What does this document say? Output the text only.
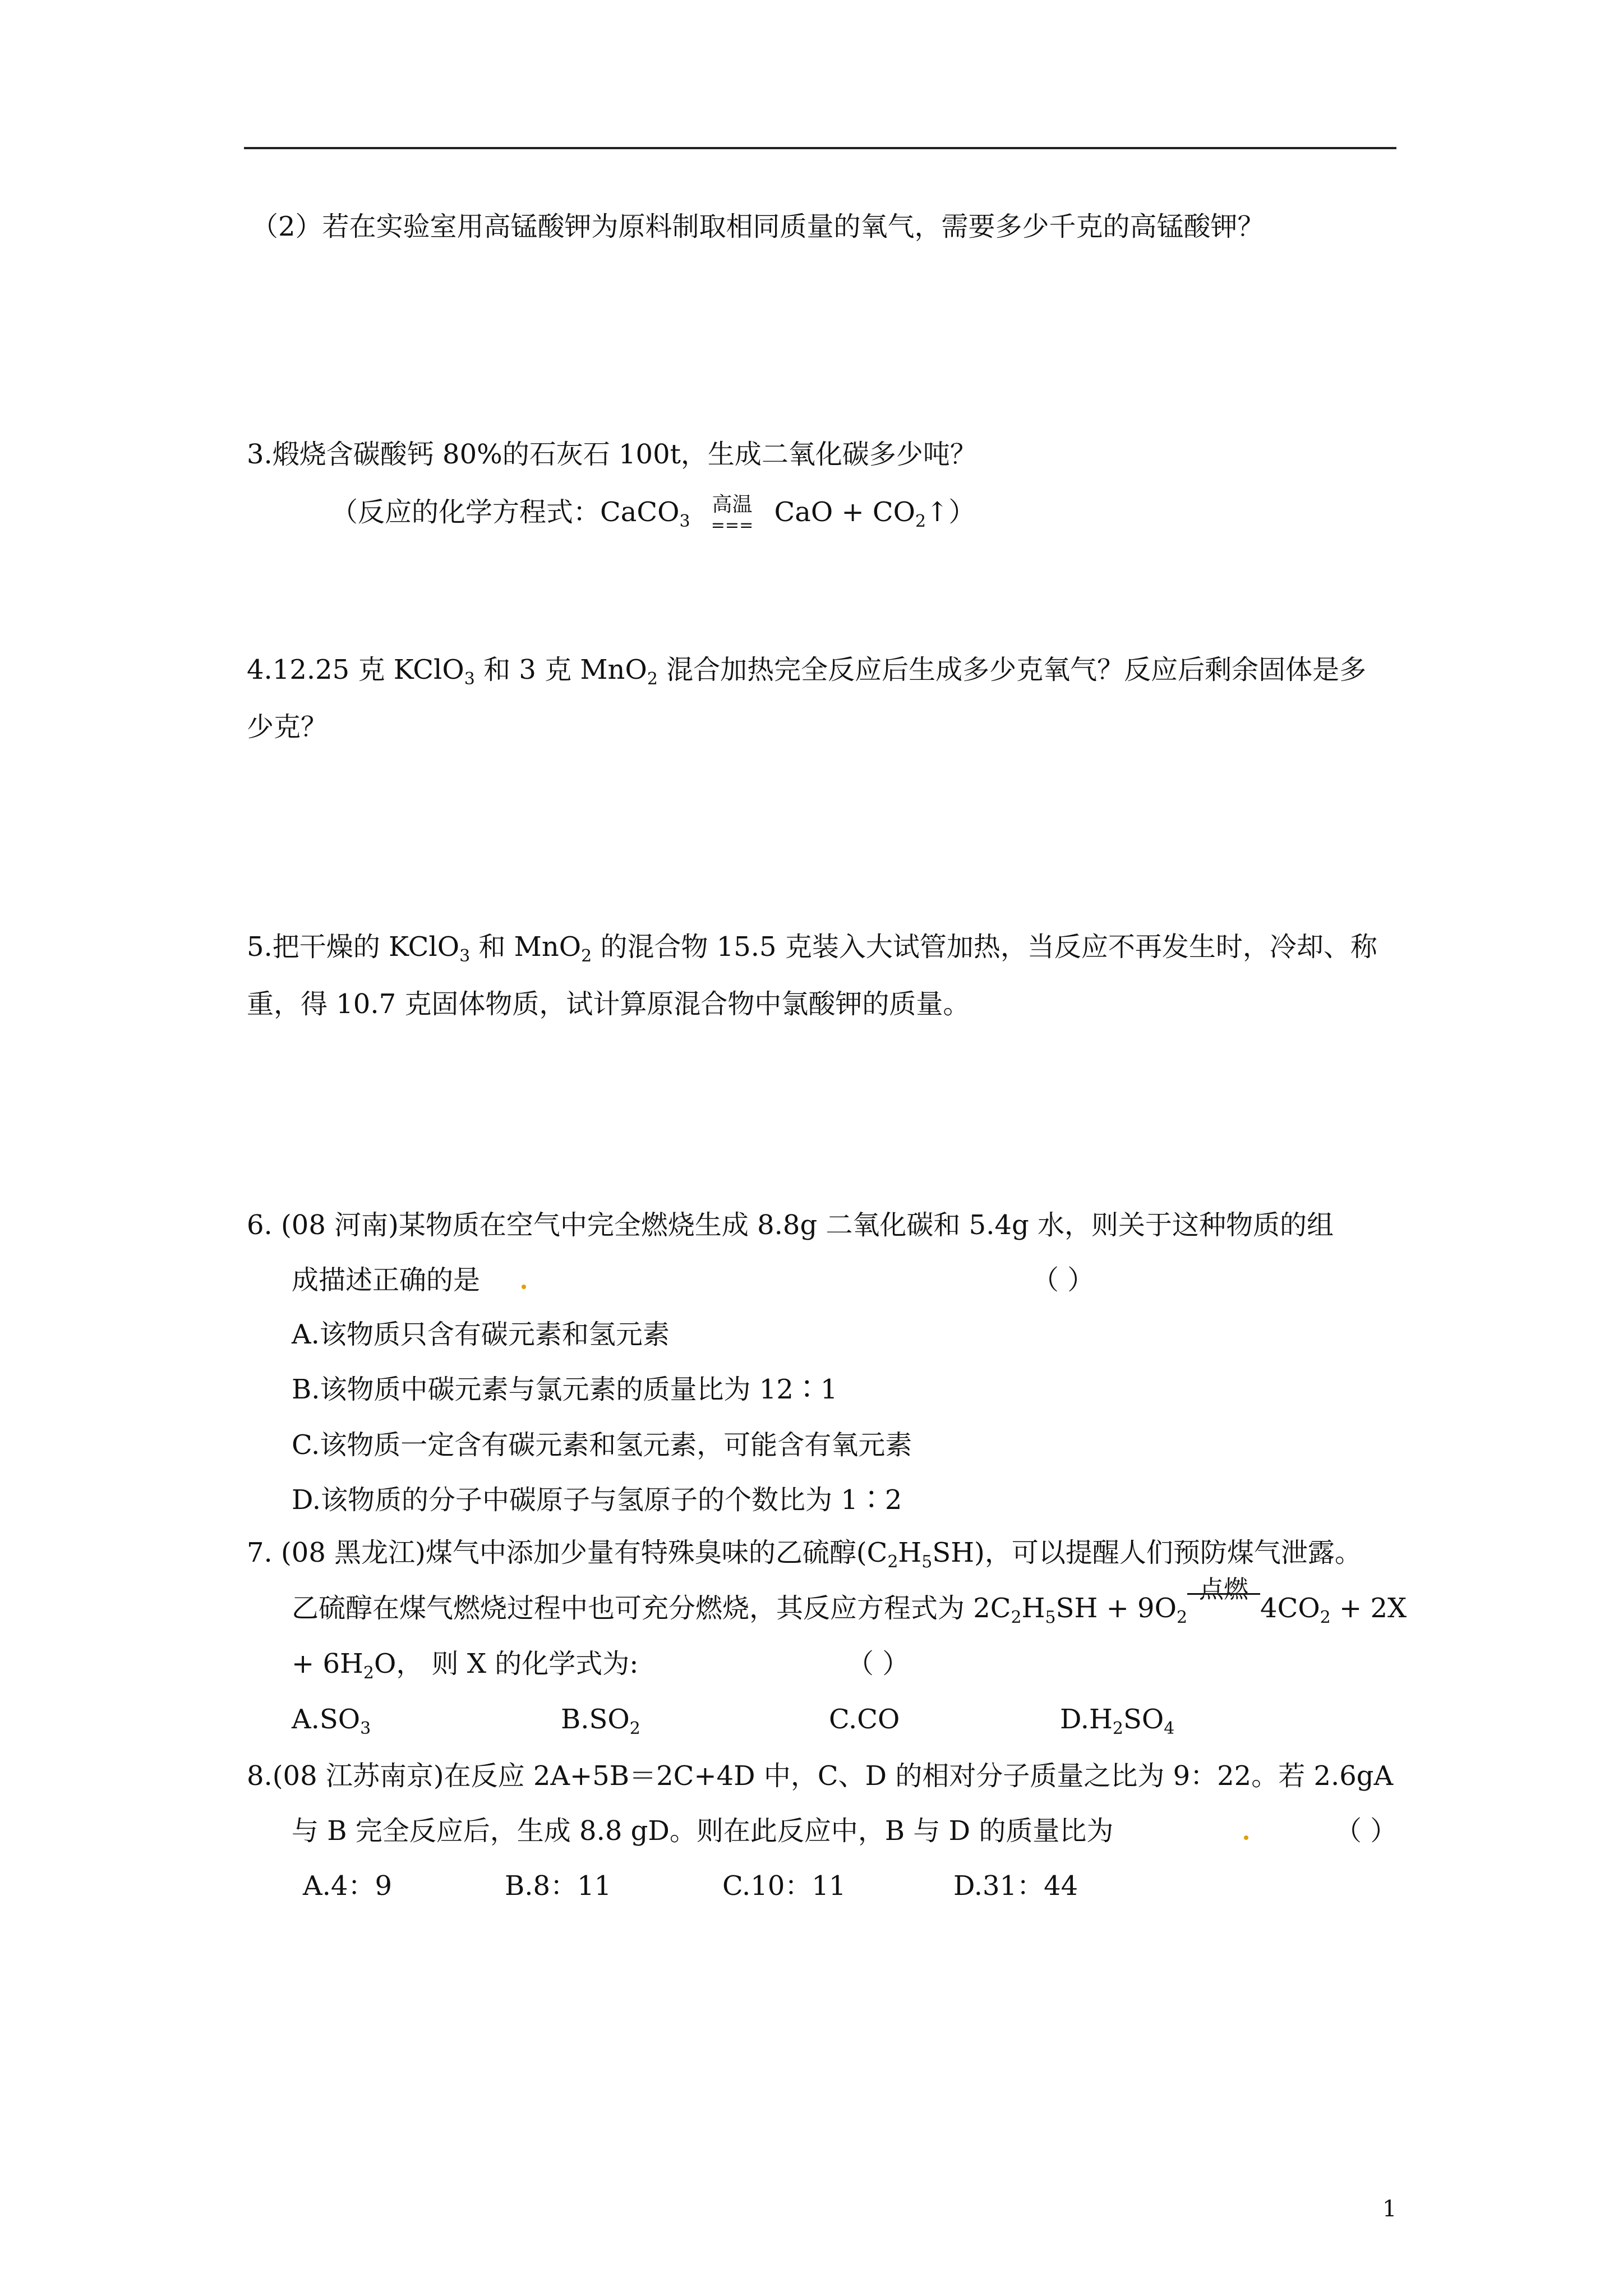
（2）若在实验室用高锰酸钾为原料制取相同质量的氧气，需要多少千克的高锰酸钾？
3.煅烧含碳酸钙 80%的石灰石 100t，生成二氧化碳多少吨？
（反应的化学方程式：CaCO$_3$
高温
=== CaO + $CO_2↑$）
4.12.25 克 KClO$_3$ 和 3 克 MnO$_2$ 混合加热完全反应后生成多少克氧气？反应后剩余固体是多
少克？
5.把干燥的 KClO$_3$ 和 MnO$_2$ 的混合物 15.5 克装入大试管加热，当反应不再发生时，冷却、称
重，得 10.7 克固体物质，试计算原混合物中氯酸钾的质量。
6. (08 河南)某物质在空气中完全燃烧生成 8.8g 二氧化碳和 5.4g 水，则关于这种物质的组
成描述正确的是	（ ）
A.该物质只含有碳元素和氢元素
B.该物质中碳元素与氯元素的质量比为 12∶1
C.该物质一定含有碳元素和氢元素，可能含有氧元素
D.该物质的分子中碳原子与氢原子的个数比为 1∶2
7. (08 黑龙江)煤气中添加少量有特殊臭味的乙硫醇$(C_2H_5SH)$，可以提醒人们预防煤气泄露。
乙硫醇在煤气燃烧过程中也可充分燃烧，其反应方程式为 $2C_2H_5SH + 9O_2$
点燃

$4CO_2 + 2X$
+ $6H_2O$， 则 X 的化学式为:	（ ）
$A.SO_3$	$B.SO_2$	C.CO	$D.H_2SO_4$
8.(08 江苏南京)在反应 2A+5B＝2C+4D 中，C、D 的相对分子质量之比为 9：22。若 2.6gA
与 B 完全反应后，生成 8.8 gD。则在此反应中，B 与 D 的质量比为	（ ）
A.4：9	B.8：11	C.10：11	D.31：44
1
